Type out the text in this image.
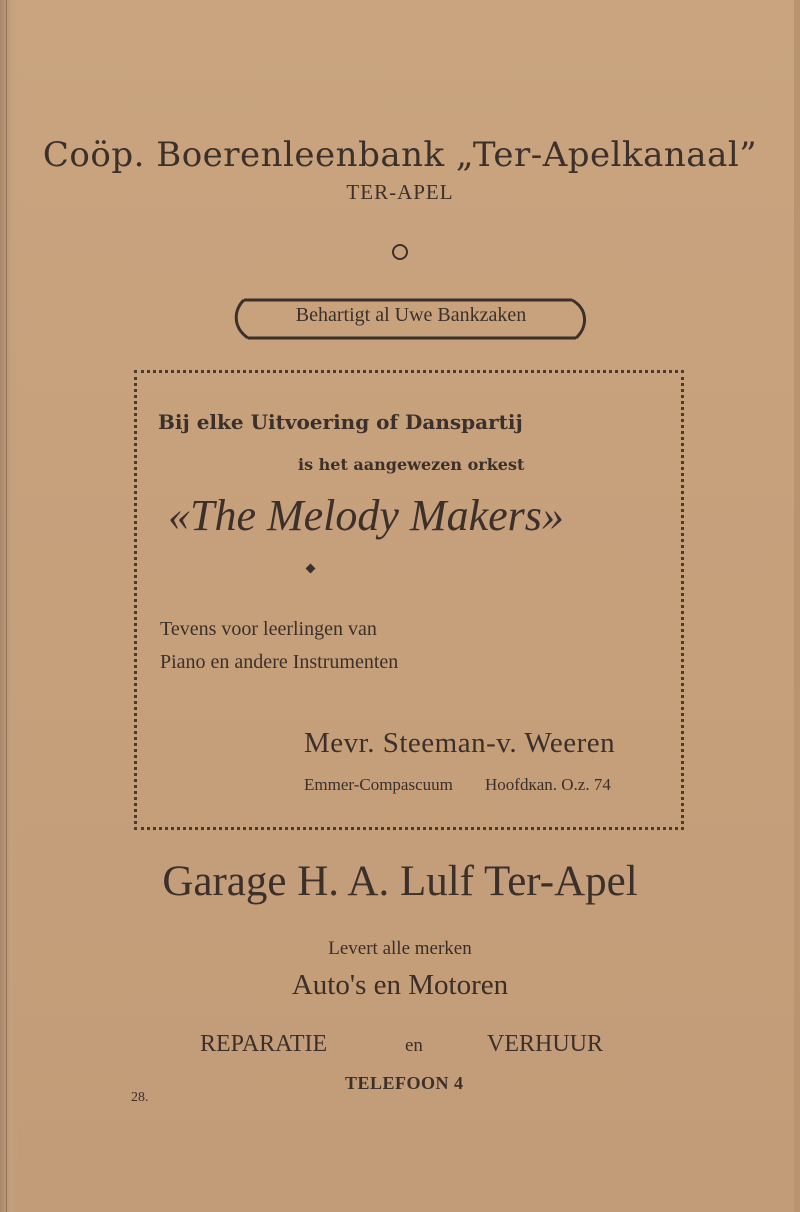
Coöp. Boerenleenbank „Ter-Apelkanaal”
TER-APEL
Behartigt al Uwe Bankzaken
Bij elke Uitvoering of Danspartij
is het aangewezen orkest
«The Melody Makers»
Tevens voor leerlingen van
Piano en andere Instrumenten
Mevr. Steeman-v. Weeren
Emmer-Compascuum Hoofdкan. O.z. 74
Garage H. A. Lulf Ter-Apel
Levert alle merken
Auto's en Motoren
REPARATIE	en	VERHUUR
TELEFOON 4
28.
